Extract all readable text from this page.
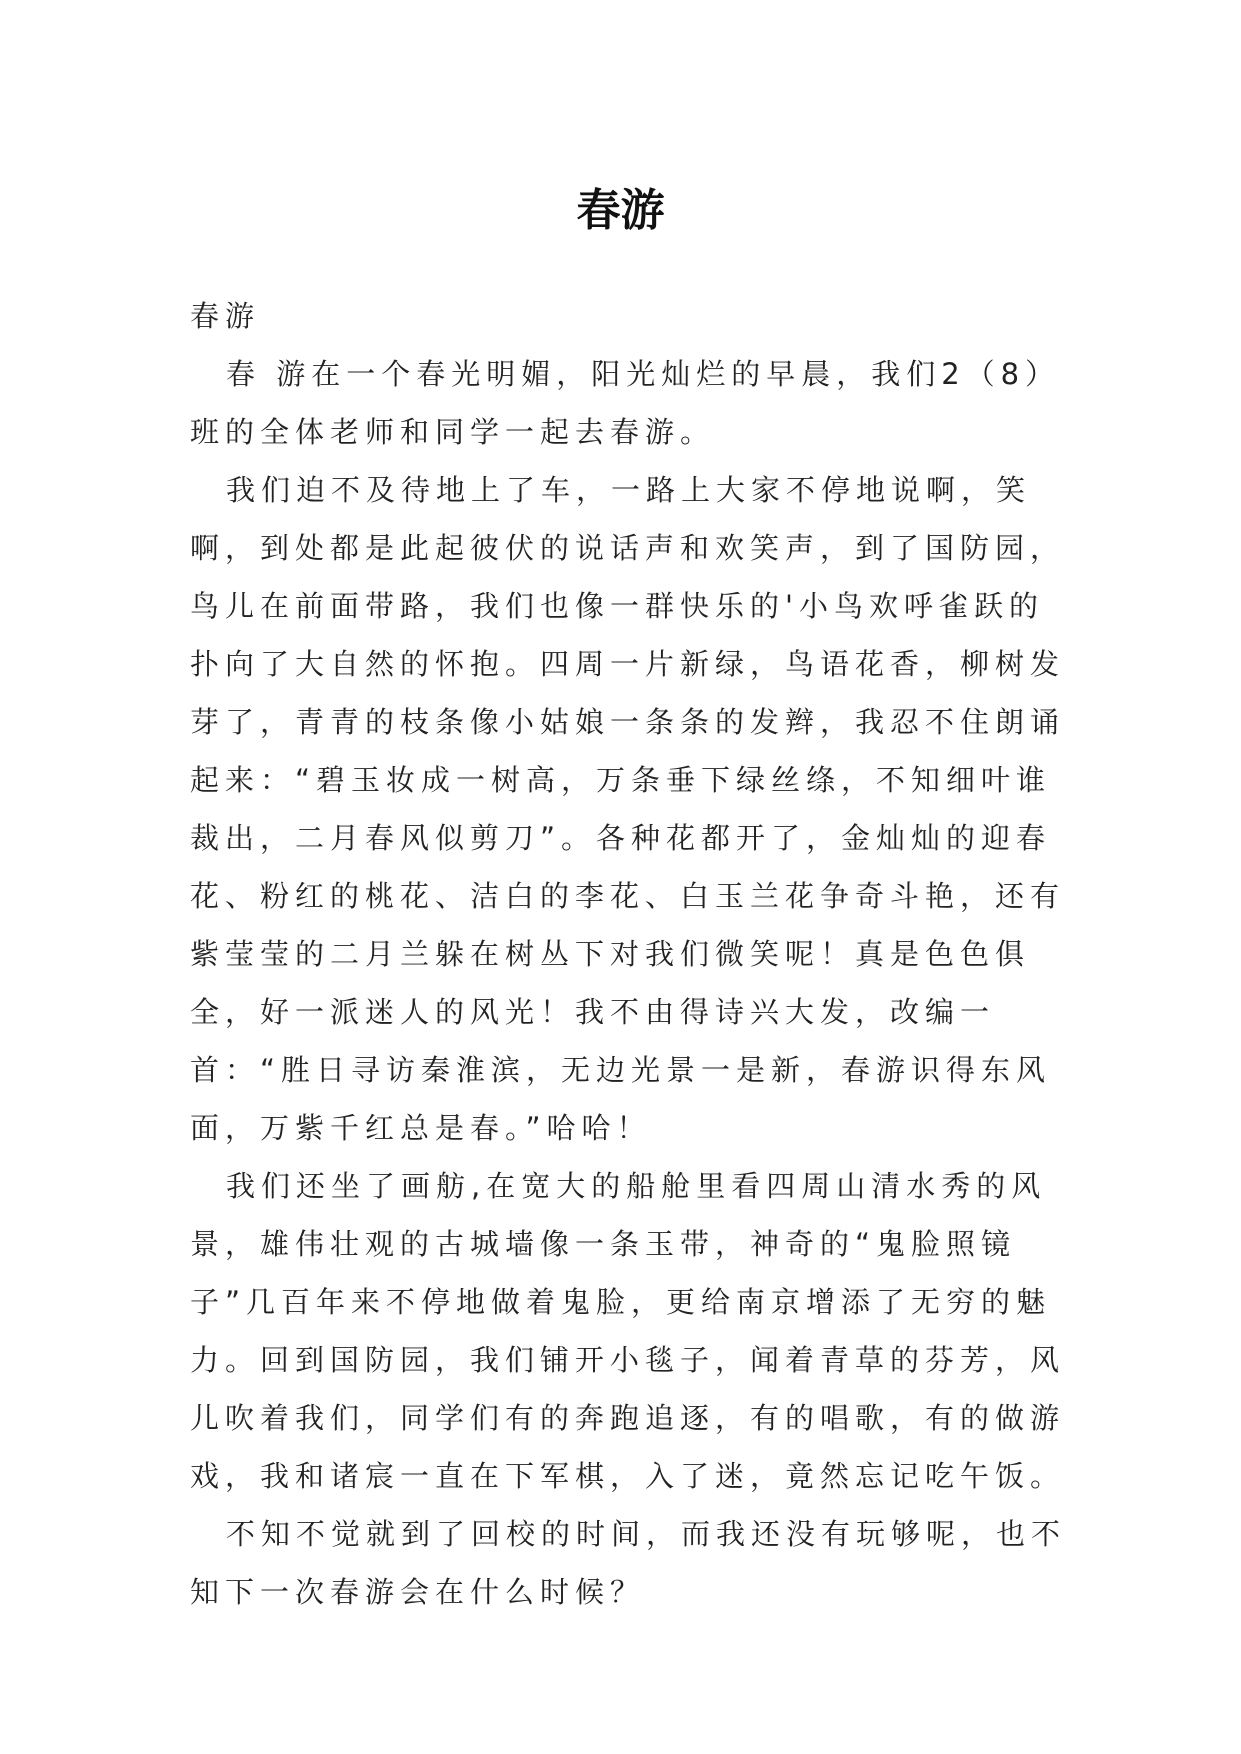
春游

春游

春 游在一个春光明媚，阳光灿烂的早晨，我们2（8）班的全体老师和同学一起去春游。

我们迫不及待地上了车，一路上大家不停地说啊，笑啊，到处都是此起彼伏的说话声和欢笑声，到了国防园，鸟儿在前面带路，我们也像一群快乐的'小鸟欢呼雀跃的扑向了大自然的怀抱。四周一片新绿，鸟语花香，柳树发芽了，青青的枝条像小姑娘一条条的发辫，我忍不住朗诵起来：“碧玉妆成一树高，万条垂下绿丝绦，不知细叶谁裁出，二月春风似剪刀”。各种花都开了，金灿灿的迎春花、粉红的桃花、洁白的李花、白玉兰花争奇斗艳，还有紫莹莹的二月兰躲在树丛下对我们微笑呢！真是色色俱全，好一派迷人的风光！我不由得诗兴大发，改编一首：“胜日寻访秦淮滨，无边光景一是新，春游识得东风面，万紫千红总是春。”哈哈！

我们还坐了画舫,在宽大的船舱里看四周山清水秀的风景，雄伟壮观的古城墙像一条玉带，神奇的“鬼脸照镜子”几百年来不停地做着鬼脸，更给南京增添了无穷的魅力。回到国防园，我们铺开小毯子，闻着青草的芬芳，风儿吹着我们，同学们有的奔跑追逐，有的唱歌，有的做游戏，我和诸宸一直在下军棋，入了迷，竟然忘记吃午饭。

不知不觉就到了回校的时间，而我还没有玩够呢，也不知下一次春游会在什么时候？
